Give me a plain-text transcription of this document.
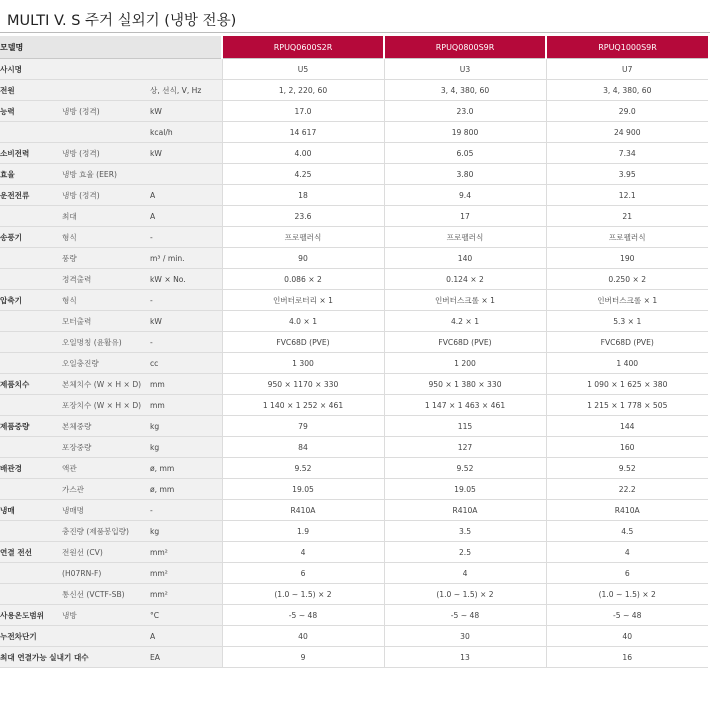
MULTI V. S 주거 실외기 (냉방 전용)
모델명			RPUQ0600S2R	RPUQ0800S9R	RPUQ1000S9R
사시명			U5	U3	U7
전원		상, 선식, V, Hz	1, 2, 220, 60	3, 4, 380, 60	3, 4, 380, 60
능력	냉방 (정격)	kW	17.0	23.0	29.0
		kcal/h	14 617	19 800	24 900
소비전력	냉방 (정격)	kW	4.00	6.05	7.34
효율	냉방 효율 (EER)		4.25	3.80	3.95
운전전류	냉방 (정격)	A	18	9.4	12.1
	최대	A	23.6	17	21
송풍기	형식	-	프로펠러식	프로펠러식	프로펠러식
	풍량	m³ / min.	90	140	190
	정격출력	kW × No.	0.086 × 2	0.124 × 2	0.250 × 2
압축기	형식	-	인버터로터리 × 1	인버터스크롤 × 1	인버터스크롤 × 1
	모터출력	kW	4.0 × 1	4.2 × 1	5.3 × 1
	오일명칭 (윤활유)	-	FVC68D (PVE)	FVC68D (PVE)	FVC68D (PVE)
	오일충진량	cc	1 300	1 200	1 400
제품치수	본체치수 (W × H × D)	mm	950 × 1170 × 330	950 × 1 380 × 330	1 090 × 1 625 × 380
	포장치수 (W × H × D)	mm	1 140 × 1 252 × 461	1 147 × 1 463 × 461	1 215 × 1 778 × 505
제품중량	본체중량	kg	79	115	144
	포장중량	kg	84	127	160
배관경	액관	ø, mm	9.52	9.52	9.52
	가스관	ø, mm	19.05	19.05	22.2
냉매	냉매명	-	R410A	R410A	R410A
	충진량 (제품봉입량)	kg	1.9	3.5	4.5
연결 전선	전원선 (CV)	mm²	4	2.5	4
	(H07RN-F)	mm²	6	4	6
	통신선 (VCTF-SB)	mm²	(1.0 ~ 1.5) × 2	(1.0 ~ 1.5) × 2	(1.0 ~ 1.5) × 2
사용온도범위	냉방	°C	-5 ~ 48	-5 ~ 48	-5 ~ 48
누전차단기		A	40	30	40
최대 연결가능 실내기 대수		EA	9	13	16
